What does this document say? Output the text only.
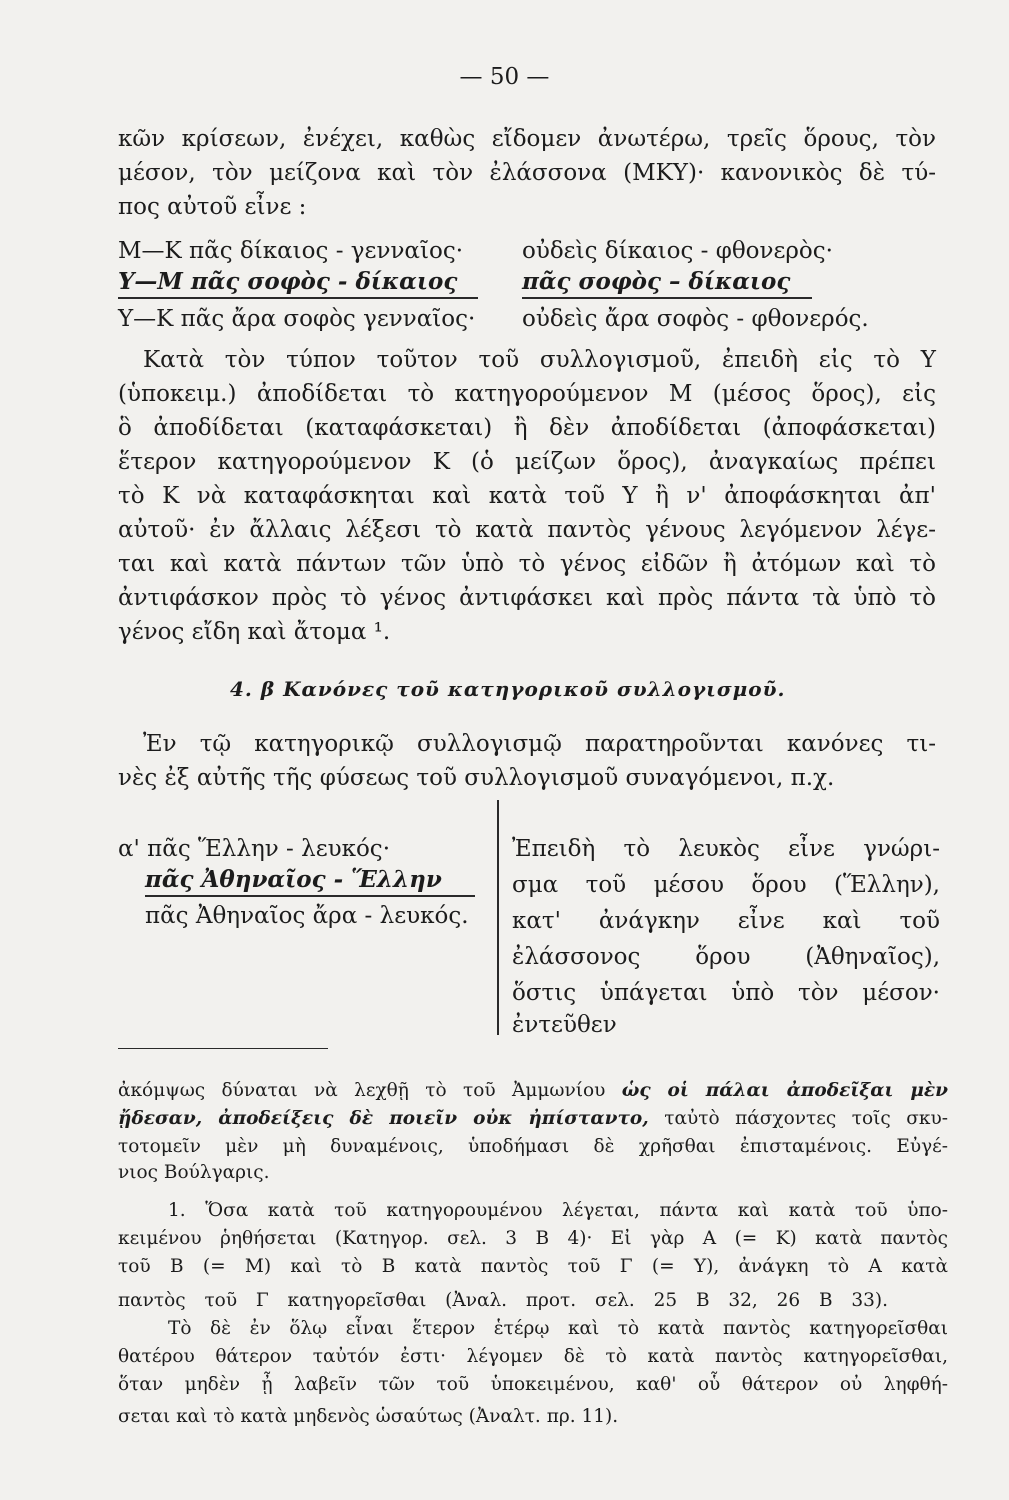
— 50 —
κῶν κρίσεων, ἐνέχει, καθὼς εἴδομεν ἀνωτέρω, τρεῖς ὅρους, τὸν
μέσον, τὸν μείζονα καὶ τὸν ἐλάσσονα (ΜΚΥ)· κανονικὸς δὲ τύ-
πος αὐτοῦ εἶνε :
Μ—Κ πᾶς δίκαιος - γενναῖος·	οὐδεὶς δίκαιος - φθονερὸς·
Υ—Μ πᾶς σοφὸς - δίκαιος	πᾶς σοφὸς – δίκαιος
Υ—Κ πᾶς ἄρα σοφὸς γενναῖος· οὐδεὶς ἄρα σοφὸς - φθονερός.
Κατὰ τὸν τύπον τοῦτον τοῦ συλλογισμοῦ, ἐπειδὴ εἰς τὸ Υ
(ὑποκειμ.) ἀποδίδεται τὸ κατηγορούμενον Μ (μέσος ὅρος), εἰς
ὃ ἀποδίδεται (καταφάσκεται) ἢ δὲν ἀποδίδεται (ἀποφάσκεται)
ἕτερον κατηγορούμενον Κ (ὁ μείζων ὅρος), ἀναγκαίως πρέπει
τὸ Κ νὰ καταφάσκηται καὶ κατὰ τοῦ Υ ἢ ν' ἀποφάσκηται ἀπ'
αὐτοῦ· ἐν ἄλλαις λέξεσι τὸ κατὰ παντὸς γένους λεγόμενον λέγε-
ται καὶ κατὰ πάντων τῶν ὑπὸ τὸ γένος εἰδῶν ἢ ἀτόμων καὶ τὸ
ἀντιφάσκον πρὸς τὸ γένος ἀντιφάσκει καὶ πρὸς πάντα τὰ ὑπὸ τὸ
γένος εἴδη καὶ ἄτομα ¹.
4. β Κανόνες τοῦ κατηγορικοῦ συλλογισμοῦ.
Ἐν τῷ κατηγορικῷ συλλογισμῷ παρατηροῦνται κανόνες τι-
νὲς ἐξ αὐτῆς τῆς φύσεως τοῦ συλλογισμοῦ συναγόμενοι, π.χ.
α' πᾶς Ἕλλην - λευκός·
πᾶς Ἀθηναῖος - Ἕλλην
πᾶς Ἀθηναῖος ἄρα - λευκός.
Ἐπειδὴ τὸ λευκὸς εἶνε γνώρι-
σμα τοῦ μέσου ὅρου (Ἕλλην),
κατ' ἀνάγκην εἶνε καὶ τοῦ
ἐλάσσονος ὅρου (Ἀθηναῖος),
ὅστις ὑπάγεται ὑπὸ τὸν μέσον·
ἐντεῦθεν
ἀκόμψως δύναται νὰ λεχθῇ τὸ τοῦ Ἀμμωνίου ὡς οἱ πάλαι ἀποδεῖξαι μὲν
ᾔδεσαν, ἀποδείξεις δὲ ποιεῖν οὐκ ἠπίσταντο, ταὐτὸ πάσχοντες τοῖς σκυ-
τοτομεῖν μὲν μὴ δυναμένοις, ὑποδήμασι δὲ χρῆσθαι ἐπισταμένοις. Εὐγέ-
νιος Βούλγαρις.
1. Ὅσα κατὰ τοῦ κατηγορουμένου λέγεται, πάντα καὶ κατὰ τοῦ ὑπο-
κειμένου ῥηθήσεται (Κατηγορ. σελ. 3 Β 4)· Εἰ γὰρ Α (= Κ) κατὰ παντὸς
τοῦ Β (= Μ) καὶ τὸ Β κατὰ παντὸς τοῦ Γ (= Υ), ἀνάγκη τὸ Α κατὰ
παντὸς τοῦ Γ κατηγορεῖσθαι (Ἀναλ. προτ. σελ. 25 Β 32, 26 Β 33).
Τὸ δὲ ἐν ὅλῳ εἶναι ἕτερον ἑτέρῳ καὶ τὸ κατὰ παντὸς κατηγορεῖσθαι
θατέρου θάτερον ταὐτόν ἐστι· λέγομεν δὲ τὸ κατὰ παντὸς κατηγορεῖσθαι,
ὅταν μηδὲν ᾖ λαβεῖν τῶν τοῦ ὑποκειμένου, καθ' οὗ θάτερον οὐ ληφθή-
σεται καὶ τὸ κατὰ μηδενὸς ὡσαύτως (Ἀναλτ. πρ. 11).
